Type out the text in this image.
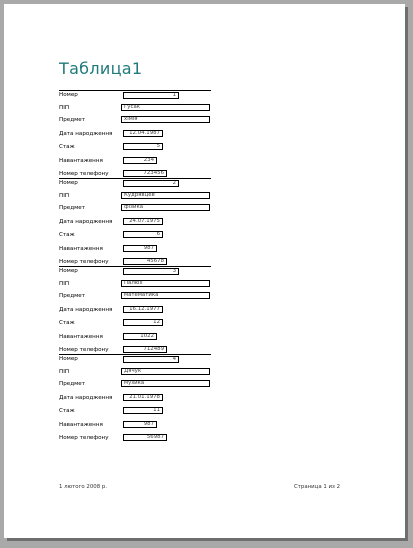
Таблица1
Номер	1
ПІП	Гусак
Предмет	хімія
Дата народження	12.04.1987
Стаж	5
Навантаження	234
Номер телефону	723456
Номер	2
ПІП	Кудрявцев
Предмет	фізика
Дата народження	24.07.1975
Стаж	6
Навантаження	987
Номер телефону	45678
Номер	3
ПІП	Палюх
Предмет	математика
Дата народження	16.12.1977
Стаж	12
Навантаження	1022
Номер телефону	712489
Номер	4
ПІП	Дячук
Предмет	музика
Дата народження	21.01.1978
Стаж	11
Навантаження	987
Номер телефону	56987
1 лютого 2008 р.	Страница 1 из 2
